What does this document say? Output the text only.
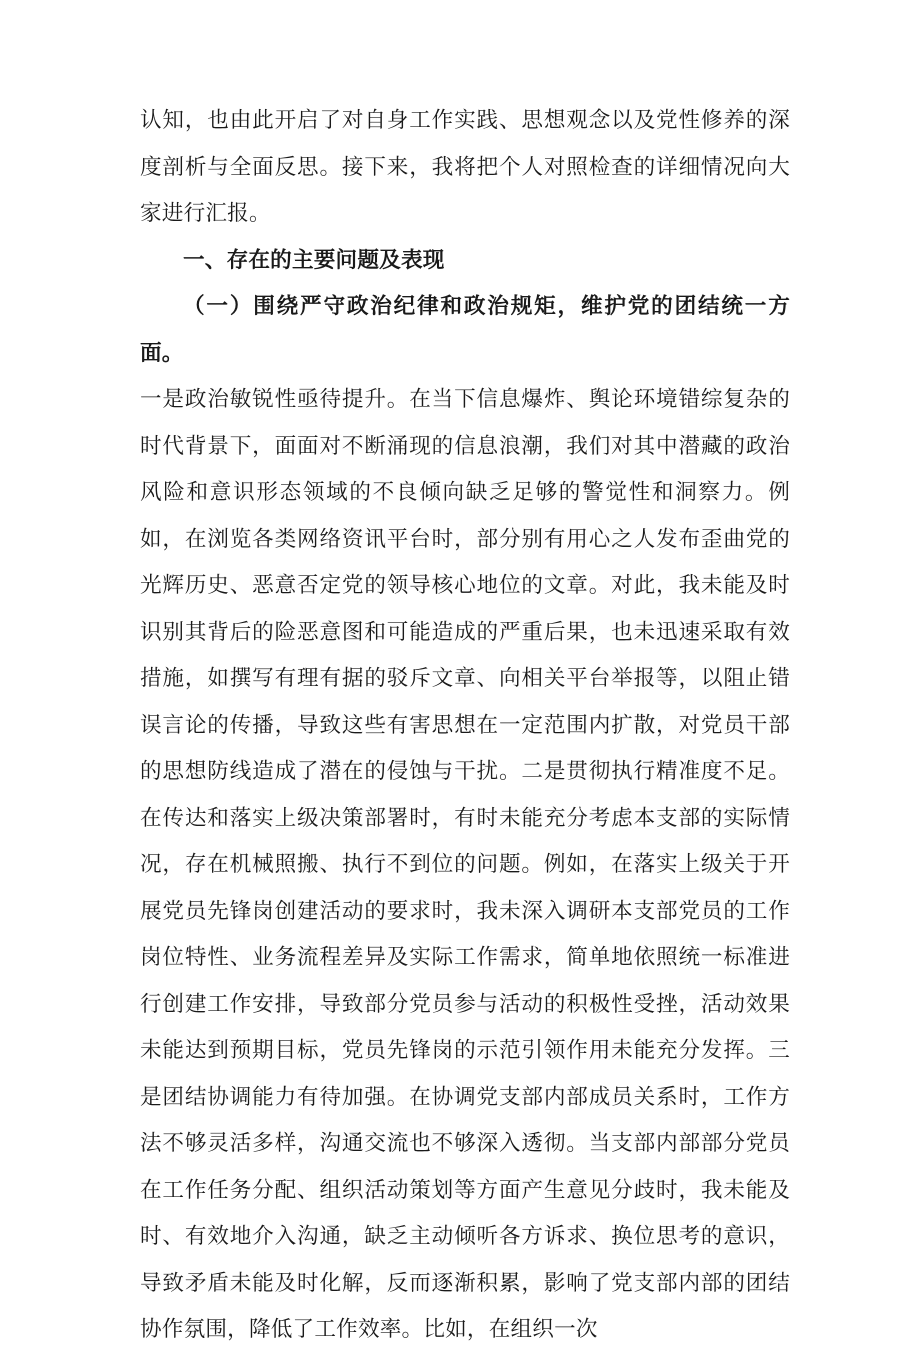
认知，也由此开启了对自身工作实践、思想观念以及党性修养的深度剖析与全面反思。接下来，我将把个人对照检查的详细情况向大家进行汇报。

一、存在的主要问题及表现

（一）围绕严守政治纪律和政治规矩，维护党的团结统一方面。

一是政治敏锐性亟待提升。在当下信息爆炸、舆论环境错综复杂的时代背景下，面面对不断涌现的信息浪潮，我们对其中潜藏的政治风险和意识形态领域的不良倾向缺乏足够的警觉性和洞察力。例如，在浏览各类网络资讯平台时，部分别有用心之人发布歪曲党的光辉历史、恶意否定党的领导核心地位的文章。对此，我未能及时识别其背后的险恶意图和可能造成的严重后果，也未迅速采取有效措施，如撰写有理有据的驳斥文章、向相关平台举报等，以阻止错误言论的传播，导致这些有害思想在一定范围内扩散，对党员干部的思想防线造成了潜在的侵蚀与干扰。二是贯彻执行精准度不足。在传达和落实上级决策部署时，有时未能充分考虑本支部的实际情况，存在机械照搬、执行不到位的问题。例如，在落实上级关于开展党员先锋岗创建活动的要求时，我未深入调研本支部党员的工作岗位特性、业务流程差异及实际工作需求，简单地依照统一标准进行创建工作安排，导致部分党员参与活动的积极性受挫，活动效果未能达到预期目标，党员先锋岗的示范引领作用未能充分发挥。三是团结协调能力有待加强。在协调党支部内部成员关系时，工作方法不够灵活多样，沟通交流也不够深入透彻。当支部内部部分党员在工作任务分配、组织活动策划等方面产生意见分歧时，我未能及时、有效地介入沟通，缺乏主动倾听各方诉求、换位思考的意识，导致矛盾未能及时化解，反而逐渐积累，影响了党支部内部的团结协作氛围，降低了工作效率。比如，在组织一次
